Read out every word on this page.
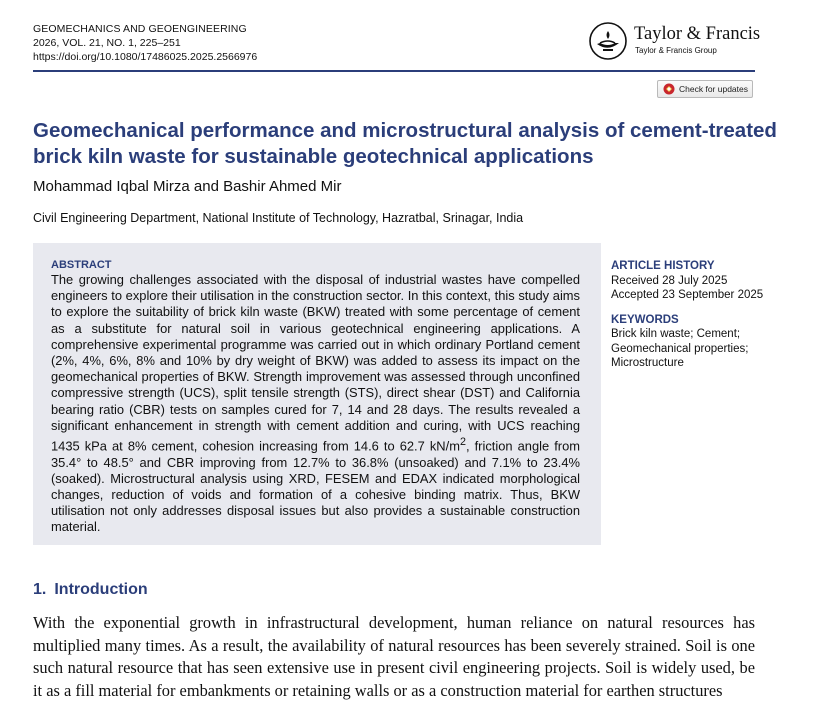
GEOMECHANICS AND GEOENGINEERING
2026, VOL. 21, NO. 1, 225–251
https://doi.org/10.1080/17486025.2025.2566976
Taylor & Francis
Taylor & Francis Group
Check for updates
Geomechanical performance and microstructural analysis of cement-treated brick kiln waste for sustainable geotechnical applications
Mohammad Iqbal Mirza and Bashir Ahmed Mir
Civil Engineering Department, National Institute of Technology, Hazratbal, Srinagar, India
ABSTRACT

The growing challenges associated with the disposal of industrial wastes have compelled engineers to explore their utilisation in the construction sector. In this context, this study aims to explore the suitability of brick kiln waste (BKW) treated with some percentage of cement as a substitute for natural soil in various geotechnical engineering applications. A comprehensive experimental programme was carried out in which ordinary Portland cement (2%, 4%, 6%, 8% and 10% by dry weight of BKW) was added to assess its impact on the geomechanical properties of BKW. Strength improvement was assessed through unconfined compressive strength (UCS), split tensile strength (STS), direct shear (DST) and California bearing ratio (CBR) tests on samples cured for 7, 14 and 28 days. The results revealed a significant enhancement in strength with cement addition and curing, with UCS reaching 1435 kPa at 8% cement, cohesion increasing from 14.6 to 62.7 $kN/m^2$, friction angle from 35.4° to 48.5° and CBR improving from 12.7% to 36.8% (unsoaked) and 7.1% to 23.4% (soaked). Microstructural analysis using XRD, FESEM and EDAX indicated morphological changes, reduction of voids and formation of a cohesive binding matrix. Thus, BKW utilisation not only addresses disposal issues but also provides a sustainable construction material.

ARTICLE HISTORY
Received 28 July 2025
Accepted 23 September 2025
KEYWORDS
Brick kiln waste; Cement; Geomechanical properties; Microstructure
1. Introduction

With the exponential growth in infrastructural development, human reliance on natural resources has multiplied many times. As a result, the availability of natural resources has been severely strained. Soil is one such natural resource that has seen extensive use in present civil engineering projects. Soil is widely used, be it as a fill material for embankments or retaining walls or as a construction material for earthen structures
